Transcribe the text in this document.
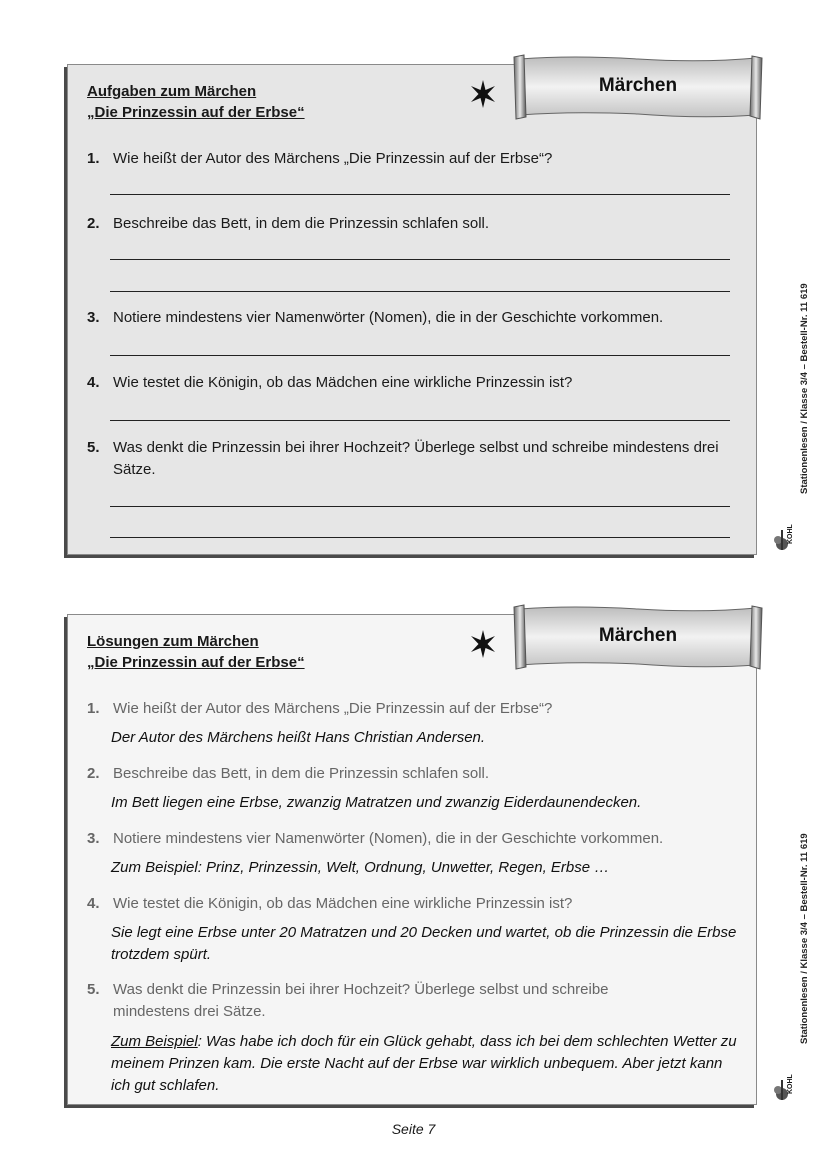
Aufgaben zum Märchen
„Die Prinzessin auf der Erbse“
Märchen
1. Wie heißt der Autor des Märchens „Die Prinzessin auf der Erbse“?
2. Beschreibe das Bett, in dem die Prinzessin schlafen soll.
3. Notiere mindestens vier Namenwörter (Nomen), die in der Geschichte vorkommen.
4. Wie testet die Königin, ob das Mädchen eine wirkliche Prinzessin ist?
5. Was denkt die Prinzessin bei ihrer Hochzeit? Überlege selbst und schreibe mindestens drei Sätze.
Lösungen zum Märchen
„Die Prinzessin auf der Erbse“
Märchen
1. Wie heißt der Autor des Märchens „Die Prinzessin auf der Erbse“?
Der Autor des Märchens heißt Hans Christian Andersen.
2. Beschreibe das Bett, in dem die Prinzessin schlafen soll.
Im Bett liegen eine Erbse, zwanzig Matratzen und zwanzig Eiderdaunendecken.
3. Notiere mindestens vier Namenwörter (Nomen), die in der Geschichte vorkommen.
Zum Beispiel: Prinz, Prinzessin, Welt, Ordnung, Unwetter, Regen, Erbse …
4. Wie testet die Königin, ob das Mädchen eine wirkliche Prinzessin ist?
Sie legt eine Erbse unter 20 Matratzen und 20 Decken und wartet, ob die Prinzessin die Erbse trotzdem spürt.
5. Was denkt die Prinzessin bei ihrer Hochzeit? Überlege selbst und schreibe mindestens drei Sätze.
Zum Beispiel: Was habe ich doch für ein Glück gehabt, dass ich bei dem schlechten Wetter zu meinem Prinzen kam. Die erste Nacht auf der Erbse war wirklich unbequem. Aber jetzt kann ich gut schlafen.
Stationenlesen / Klasse 3/4 – Bestell-Nr. 11 619
KOHL
Stationenlesen / Klasse 3/4 – Bestell-Nr. 11 619
KOHL
Seite 7
